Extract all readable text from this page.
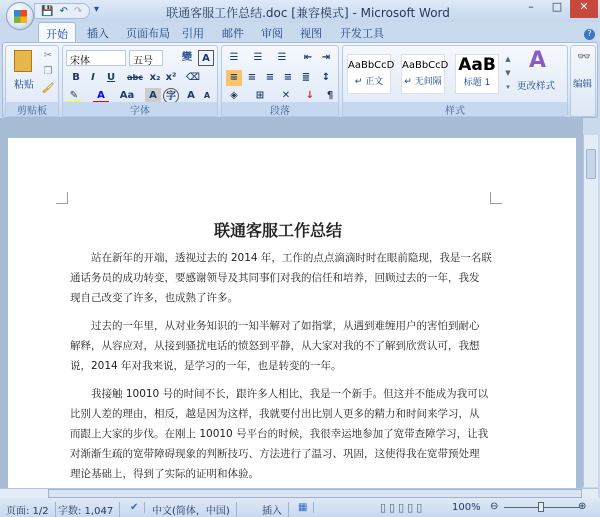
联通客服工作总结.doc [兼容模式] - Microsoft Word	–	□	✕
💾 ↶ ↷ ▾
开始	插入 页面布局 引用 邮件 审阅 视图 开发工具	?
粘贴
✂
❐
🖌
剪贴板
宋体	五号	變	A
B	I	U	abc x₂ x² ⌫
✎	A	Aa	A 字	A	A
字体
☰	☰	☰	⇤ ⇥
≡ ≡ ≡ ≡ ≣	↕
◈	⊞	✕	↓	¶
段落
AaBbCcD
↵ 正文
AaBbCcD
↵ 无间隔
AaB
标题 1
▲
▼
▾
A
更改样式
样式
👓
编辑
联通客服工作总结
　　站在新年的开端，透视过去的 2014 年，工作的点点滴滴时时在眼前隐现，我是一名联
通话务员的成功转变，要感谢领导及其同事们对我的信任和培养，回顾过去的一年，我发
现自己改变了许多，也成熟了许多。
　　过去的一年里，从对业务知识的一知半解对了如指掌，从遇到难缠用户的害怕到耐心
解释，从容应对，从接到骚扰电话的愤怒到平静，从大家对我的不了解到欣赏认可，我想
说，2014 年对我来说，是学习的一年，也是转变的一年。
　　我接触 10010 号的时间不长，跟许多人相比，我是一个新手。但这并不能成为我可以
比别人差的理由，相反，越是因为这样，我就要付出比别人更多的精力和时间来学习，从
而跟上大家的步伐。在刚上 10010 号平台的时候，我很幸运地参加了宽带查障学习，让我
对渐渐生疏的宽带障碍现象的判断技巧、方法进行了温习、巩固，这使得我在宽带预处理
理论基础上，得到了实际的证明和体验。
页面: 1/2 字数: 1,047	✔	中文(简体，中国)	插入	▦	▯▯▯▯▯	100% ⊖	⊕
